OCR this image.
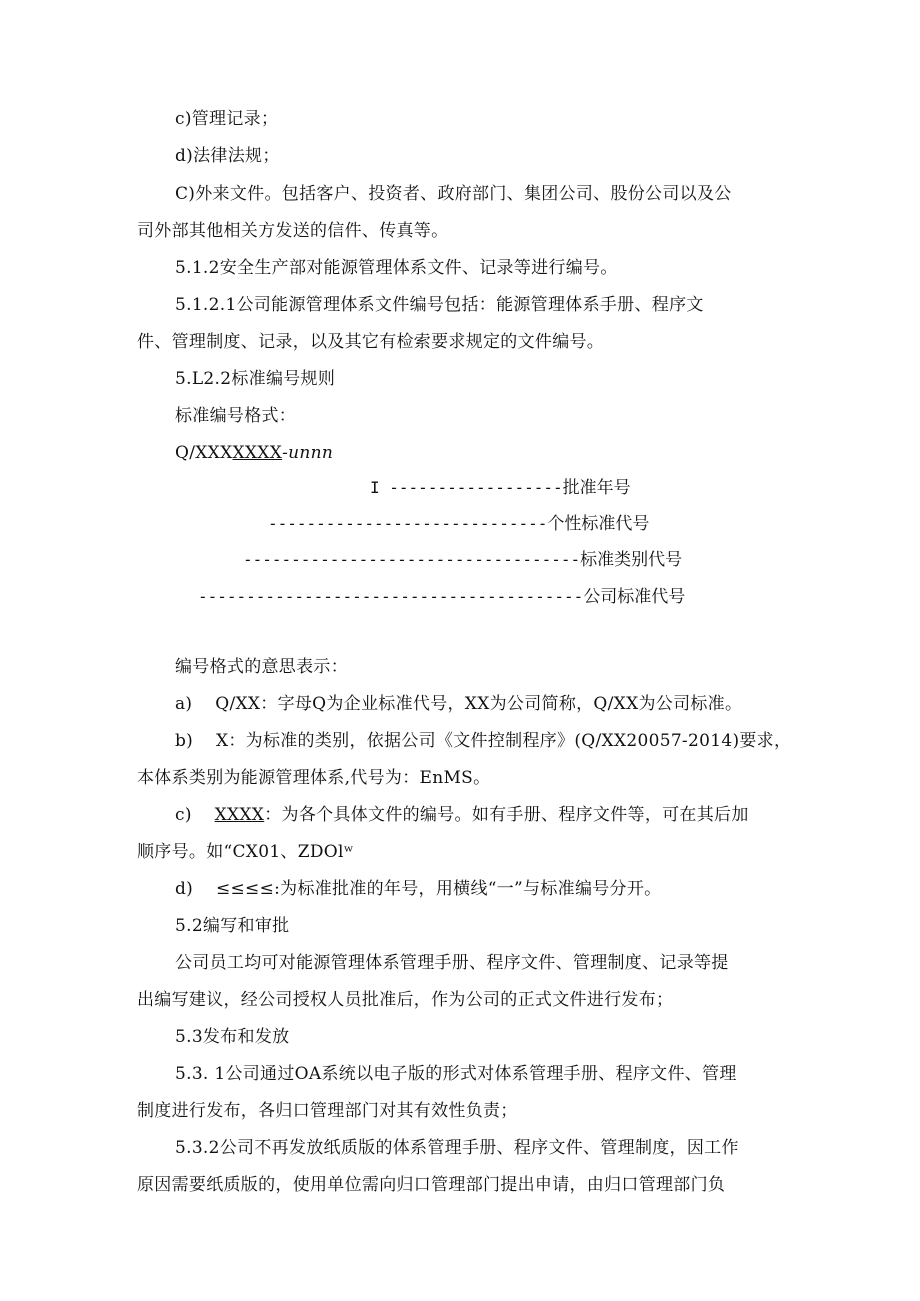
c)管理记录；
d)法律法规；
C)外来文件。包括客户、投资者、政府部门、集团公司、股份公司以及公
司外部其他相关方发送的信件、传真等。
5.1.2安全生产部对能源管理体系文件、记录等进行编号。
5.1.2.1公司能源管理体系文件编号包括：能源管理体系手册、程序文
件、管理制度、记录，以及其它有检索要求规定的文件编号。
5.L2.2标准编号规则
标准编号格式：
Q/XXXXXXX-unnn
I ------------------批准年号
-----------------------------个性标准代号
-----------------------------------标准类别代号
----------------------------------------公司标准代号
编号格式的意思表示：
a) Q/XX：字母Q为企业标准代号，XX为公司简称，Q/XX为公司标准。
b) X：为标准的类别，依据公司《文件控制程序》(Q/XX20057-2014)要求，
本体系类别为能源管理体系,代号为：EnMS。
c) XXXX：为各个具体文件的编号。如有手册、程序文件等，可在其后加
顺序号。如“CX01、ZDOlʷ
d) ≤≤≤≤:为标准批准的年号，用横线“一”与标准编号分开。
5.2编写和审批
公司员工均可对能源管理体系管理手册、程序文件、管理制度、记录等提
出编写建议，经公司授权人员批准后，作为公司的正式文件进行发布；
5.3发布和发放
5.3. 1公司通过OA系统以电子版的形式对体系管理手册、程序文件、管理
制度进行发布，各归口管理部门对其有效性负责；
5.3.2公司不再发放纸质版的体系管理手册、程序文件、管理制度，因工作
原因需要纸质版的，使用单位需向归口管理部门提出申请，由归口管理部门负
